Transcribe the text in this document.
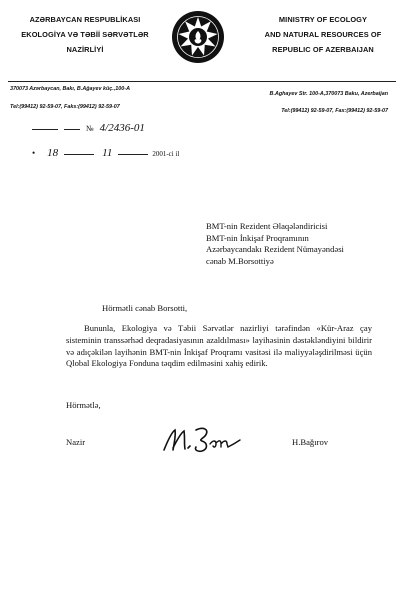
AZƏRBAYCAN RESPUBLİKASI
EKOLOGİYA VƏ TƏBİİ SƏRVƏTLƏR
NAZİRLİYİ
MINISTRY OF ECOLOGY
AND NATURAL RESOURCES OF
REPUBLIC OF AZERBAIJAN
370073 Azərbaycan, Bakı, B.Ağayev küç.,100-A
Tel:(99412) 92-59-07, Faks:(99412) 92-59-07
B.Aghayev Str. 100-A,370073 Baku, Azerbaijan
Tel:(99412) 92-59-07, Fax:(99412) 92-59-07
№ 4/2436-01
• 18	11	2001-ci il
BMT-nin Rezident Əlaqələndiricisi
BMT-nin İnkişaf Proqramının
Azərbaycandakı Rezident Nümayəndəsi
cənab M.Borsottiyə
Hörmətli cənab Borsotti,
Bununla, Ekologiya və Təbii Sərvətlər nazirliyi tərəfindən «Kür-Araz çay sisteminin transsərhəd deqradasiyasının azaldılması» layihəsinin dəstəkləndiyini bildirir və adıçəkilən layihənin BMT-nin İnkişaf Proqramı vasitəsi ilə maliyyələşdirilməsi üçün Qlobal Ekologiya Fonduna təqdim edilməsini xahiş edirik.
Hörmətlə,
Nazir	H.Bağırov
